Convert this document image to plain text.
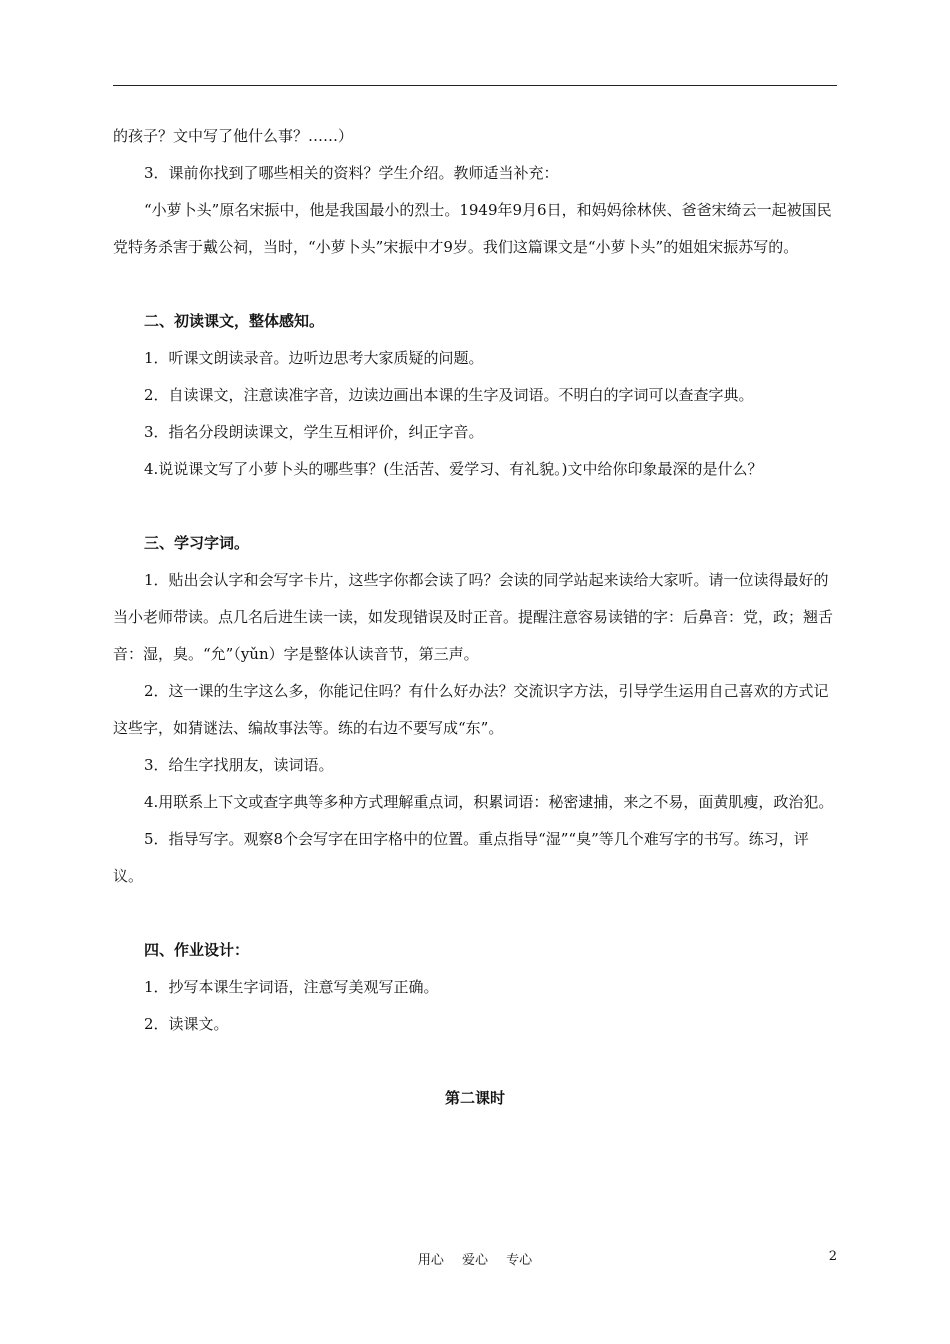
的孩子？文中写了他什么事？……）

3．课前你找到了哪些相关的资料？学生介绍。教师适当补充：

“小萝卜头”原名宋振中，他是我国最小的烈士。1949年9月6日，和妈妈徐林侠、爸爸宋绮云一起被国民党特务杀害于戴公祠，当时，“小萝卜头”宋振中才9岁。我们这篇课文是“小萝卜头”的姐姐宋振苏写的。

二、初读课文，整体感知。

1．听课文朗读录音。边听边思考大家质疑的问题。

2．自读课文，注意读准字音，边读边画出本课的生字及词语。不明白的字词可以查查字典。

3．指名分段朗读课文，学生互相评价，纠正字音。

4.说说课文写了小萝卜头的哪些事？(生活苦、爱学习、有礼貌。)文中给你印象最深的是什么？

三、学习字词。

1．贴出会认字和会写字卡片，这些字你都会读了吗？会读的同学站起来读给大家听。请一位读得最好的当小老师带读。点几名后进生读一读，如发现错误及时正音。提醒注意容易读错的字：后鼻音：党，政；翘舌音：湿，臭。“允”（yǔn）字是整体认读音节，第三声。

2．这一课的生字这么多，你能记住吗？有什么好办法？交流识字方法，引导学生运用自己喜欢的方式记这些字，如猜谜法、编故事法等。练的右边不要写成“东”。

3．给生字找朋友，读词语。

4.用联系上下文或查字典等多种方式理解重点词，积累词语：秘密逮捕，来之不易，面黄肌瘦，政治犯。

5．指导写字。观察8个会写字在田字格中的位置。重点指导“湿”“臭”等几个难写字的书写。练习，评议。

四、作业设计：

1．抄写本课生字词语，注意写美观写正确。

2．读课文。

第二课时

用心 爱心 专心	2
